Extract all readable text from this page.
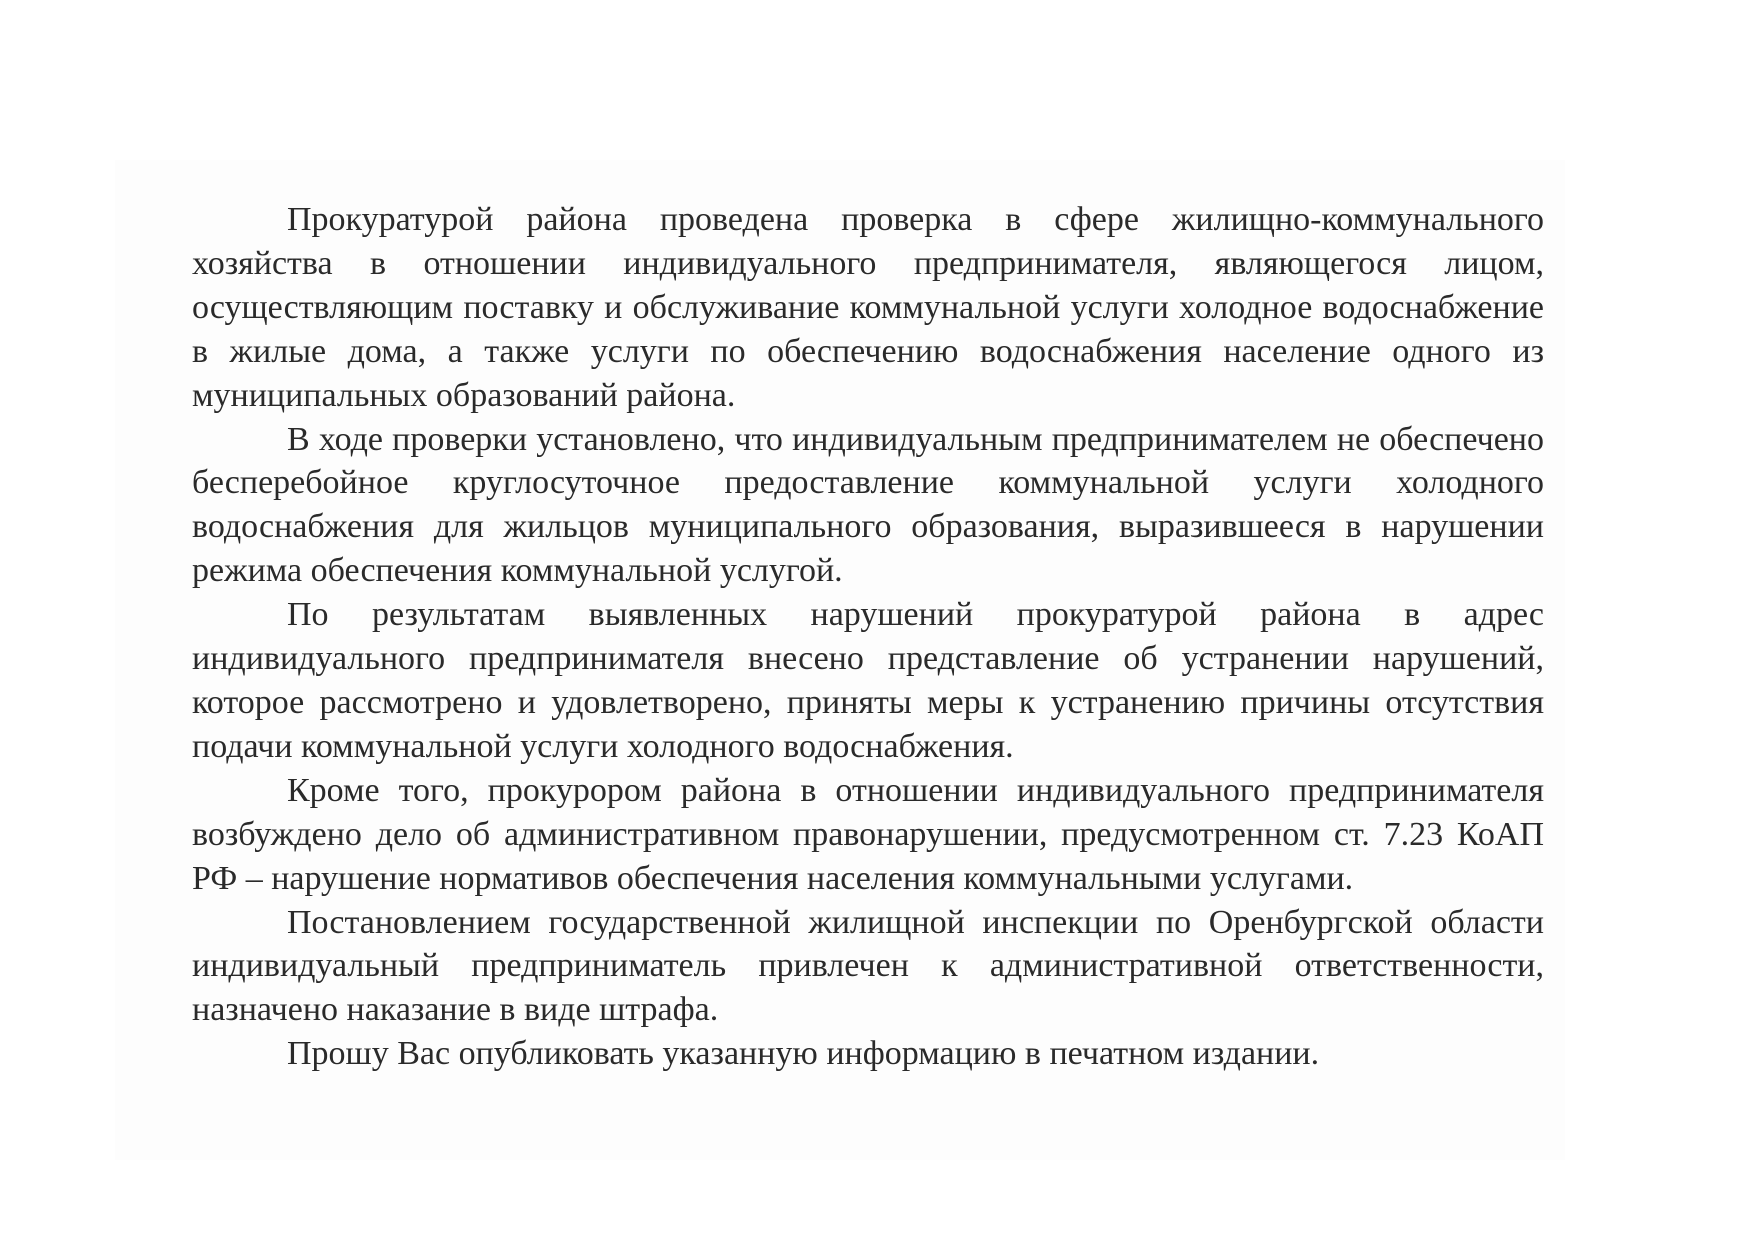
Прокуратурой района проведена проверка в сфере жилищно-коммунального хозяйства в отношении индивидуального предпринимателя, являющегося лицом, осуществляющим поставку и обслуживание коммунальной услуги холодное водоснабжение в жилые дома, а также услуги по обеспечению водоснабжения население одного из муниципальных образований района.

В ходе проверки установлено, что индивидуальным предпринимателем не обеспечено бесперебойное круглосуточное предоставление коммунальной услуги холодного водоснабжения для жильцов муниципального образования, выразившееся в нарушении режима обеспечения коммунальной услугой.

По результатам выявленных нарушений прокуратурой района в адрес индивидуального предпринимателя внесено представление об устранении нарушений, которое рассмотрено и удовлетворено, приняты меры к устранению причины отсутствия подачи коммунальной услуги холодного водоснабжения.

Кроме того, прокурором района в отношении индивидуального предпринимателя возбуждено дело об административном правонарушении, предусмотренном ст. 7.23 КоАП РФ – нарушение нормативов обеспечения населения коммунальными услугами.

Постановлением государственной жилищной инспекции по Оренбургской области индивидуальный предприниматель привлечен к административной ответственности, назначено наказание в виде штрафа.

Прошу Вас опубликовать указанную информацию в печатном издании.
